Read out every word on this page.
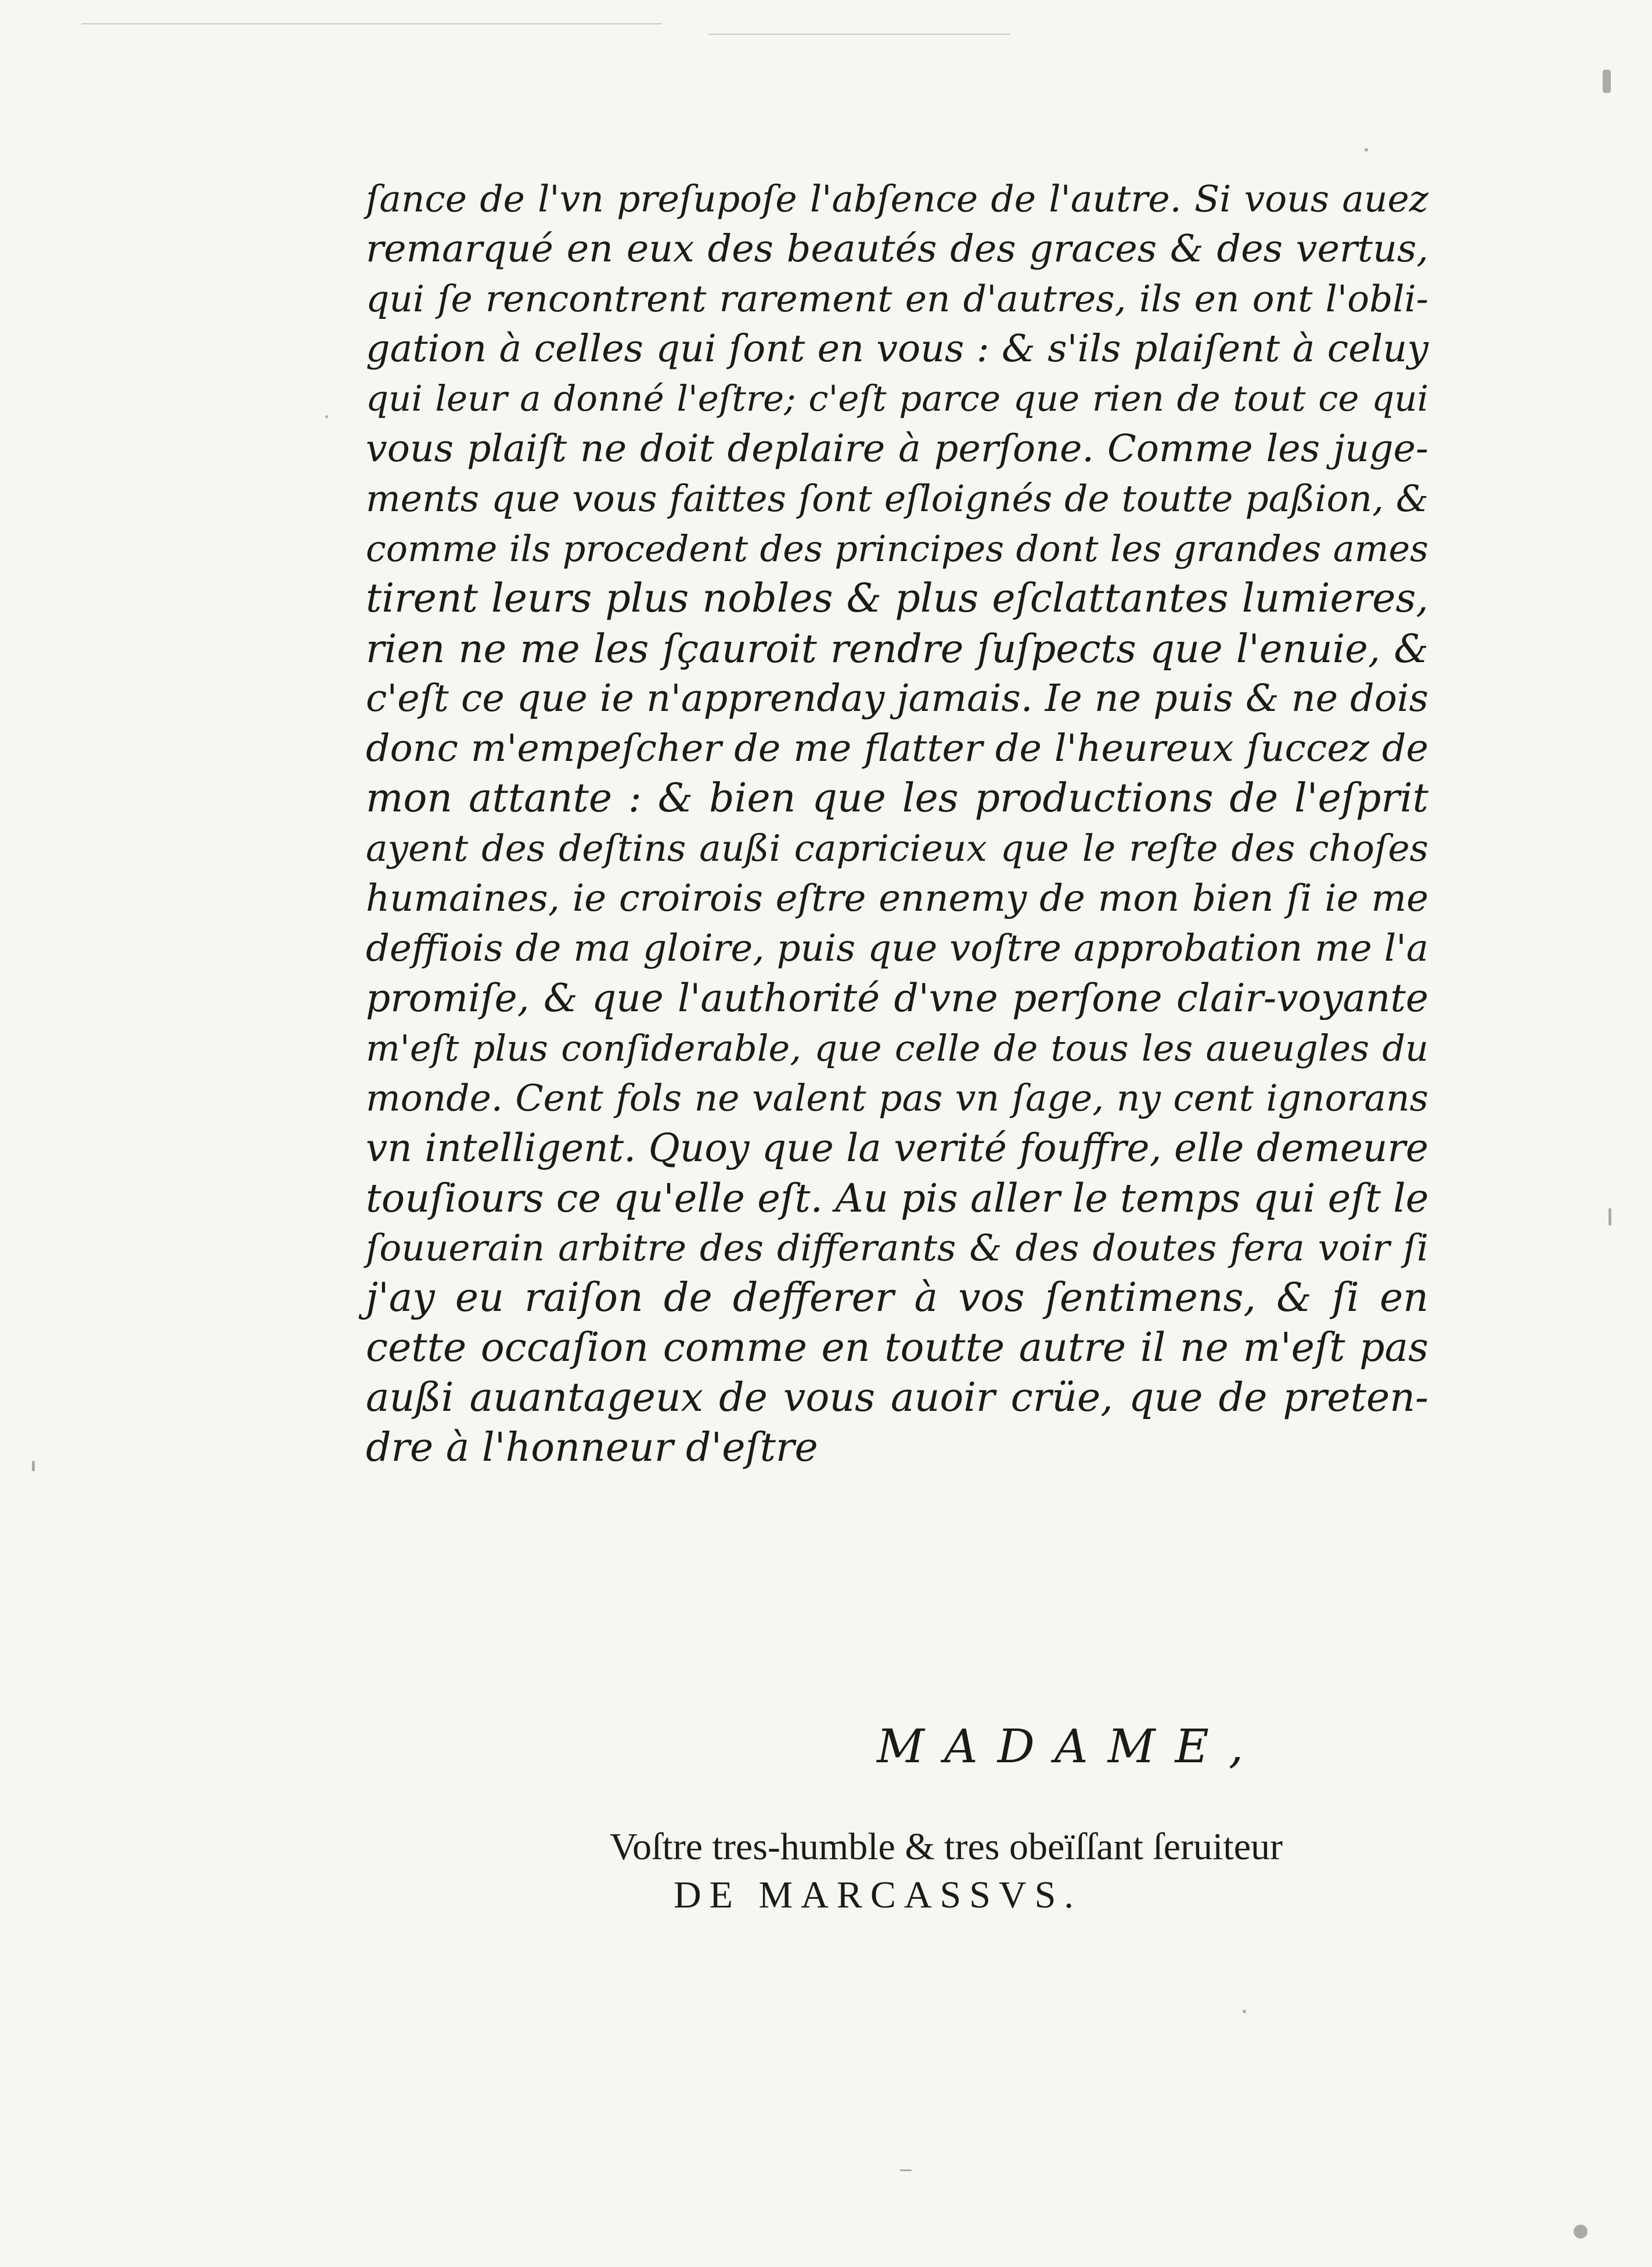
ſance de l'vn preſupoſe l'abſence de l'autre. Si vous auez
remarqué en eux des beautés des graces & des vertus,
qui ſe rencontrent rarement en d'autres, ils en ont l'obli-
gation à celles qui ſont en vous : & s'ils plaiſent à celuy
qui leur a donné l'eſtre; c'eſt parce que rien de tout ce qui
vous plaiſt ne doit deplaire à perſone. Comme les juge-
ments que vous faittes ſont eſloignés de toutte paßion, &
comme ils procedent des principes dont les grandes ames
tirent leurs plus nobles & plus eſclattantes lumieres,
rien ne me les ſçauroit rendre ſuſpects que l'enuie, &
c'eſt ce que ie n'apprenday jamais. Ie ne puis & ne dois
donc m'empeſcher de me flatter de l'heureux ſuccez de
mon attante : & bien que les productions de l'eſprit
ayent des deſtins außi capricieux que le reſte des choſes
humaines, ie croirois eſtre ennemy de mon bien ſi ie me
deffiois de ma gloire, puis que voſtre approbation me l'a
promiſe, & que l'authorité d'vne perſone clair-voyante
m'eſt plus conſiderable, que celle de tous les aueugles du
monde. Cent fols ne valent pas vn ſage, ny cent ignorans
vn intelligent. Quoy que la verité fouffre, elle demeure
touſiours ce qu'elle eſt. Au pis aller le temps qui eſt le
ſouuerain arbitre des differants & des doutes fera voir ſi
j'ay eu raiſon de defferer à vos ſentimens, & ſi en
cette occaſion comme en toutte autre il ne m'eſt pas
außi auantageux de vous auoir crüe, que de preten-
dre à l'honneur d'eſtre
MADAME,
Voſtre tres-humble & tres obeïſſant ſeruiteur
DE MARCASSVS.
